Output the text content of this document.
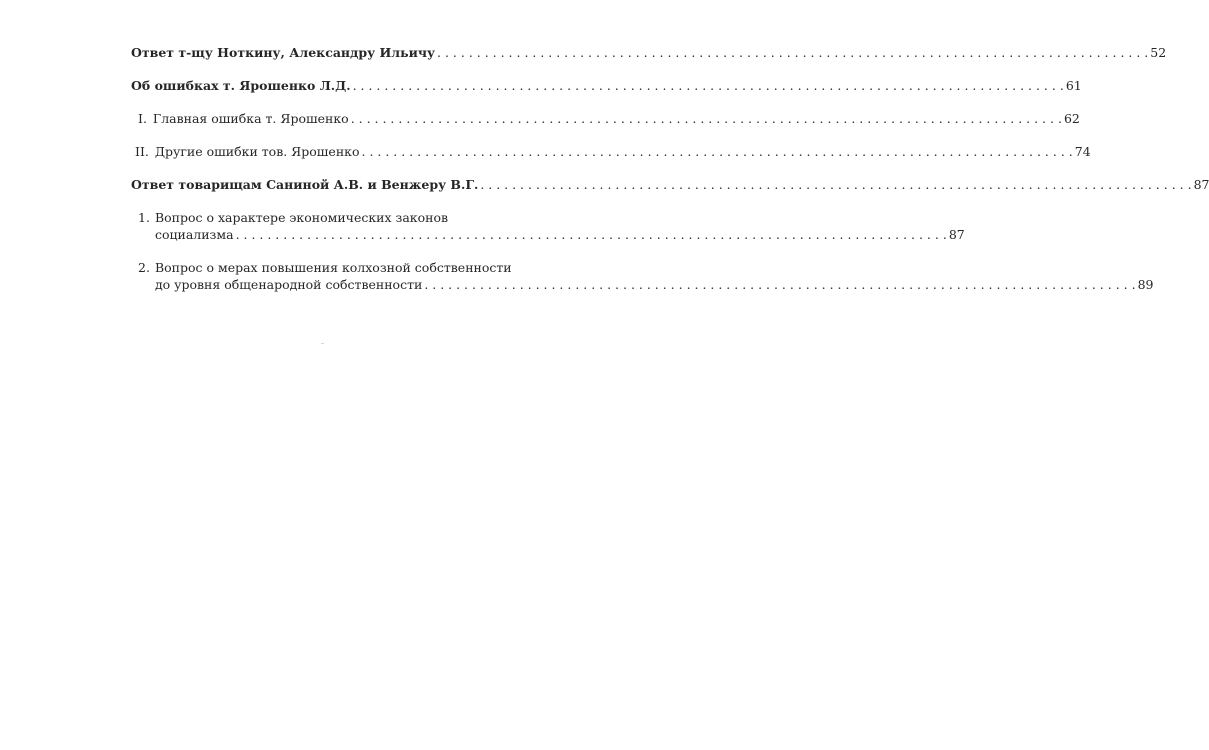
Ответ т-щу Ноткину, Александру Ильичу . . .	52
Об ошибках т. Ярошенко Л.Д. . . .	61
I. Главная ошибка т. Ярошенко . . .	62
II. Другие ошибки тов. Ярошенко . . .	74
Ответ товарищам Саниной А.В. и Венжеру В.Г. . . .	87
1. Вопрос о характере экономических законов
социализма . . .	87
2. Вопрос о мерах повышения колхозной собственности
до уровня общенародной собственности . . .	89
